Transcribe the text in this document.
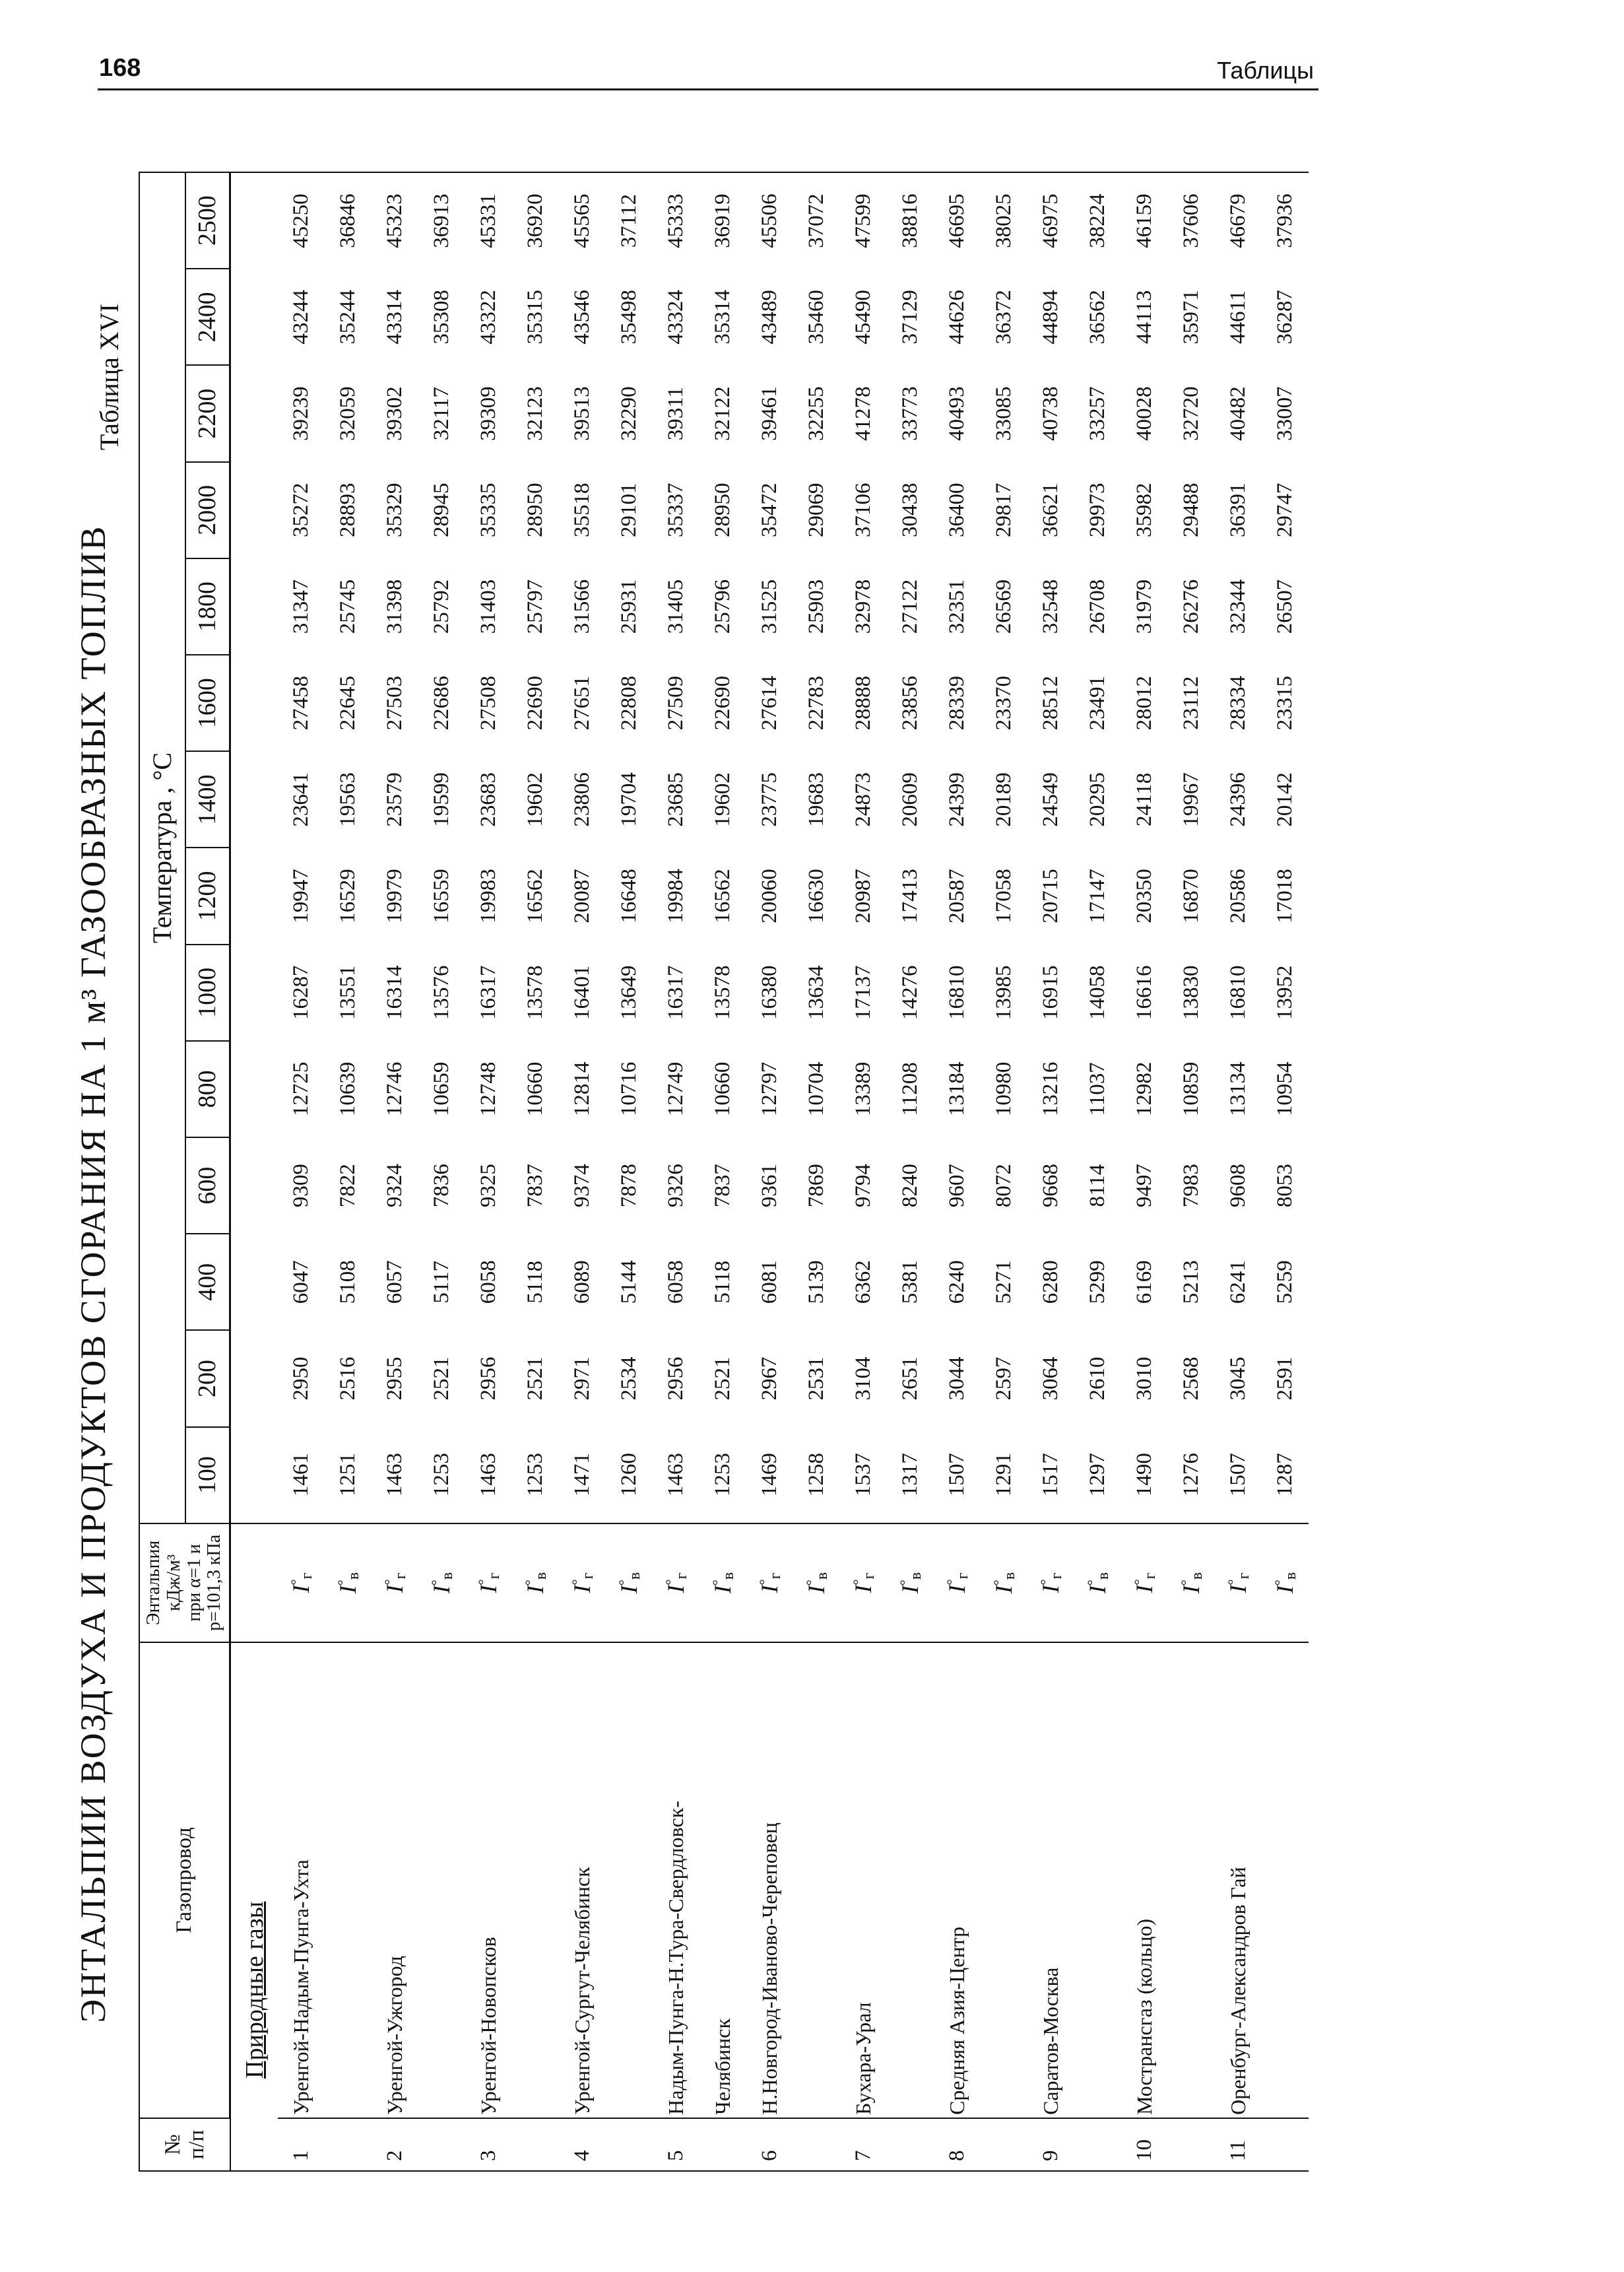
168	Таблицы
ЭНТАЛЬПИИ ВОЗДУХА И ПРОДУКТОВ СГОРАНИЯ НА 1 м³ ГАЗООБРАЗНЫХ ТОПЛИВ
Таблица XVI
№
п/п	Газопровод	Энтальпия
кДж/м³
при α=1 и
p=101,3 кПа	Температура , °С													
			100	200	400	600	800	1000	1200	1400	1600	1800	2000	2200	2400	2500
	Природные газы															
1	Уренгой-Надым-Пунга-Ухта	I°г	1461	2950	6047	9309	12725	16287	19947	23641	27458	31347	35272	39239	43244	45250
		I°в	1251	2516	5108	7822	10639	13551	16529	19563	22645	25745	28893	32059	35244	36846
2	Уренгой-Ужгород	I°г	1463	2955	6057	9324	12746	16314	19979	23579	27503	31398	35329	39302	43314	45323
		I°в	1253	2521	5117	7836	10659	13576	16559	19599	22686	25792	28945	32117	35308	36913
3	Уренгой-Новопсков	I°г	1463	2956	6058	9325	12748	16317	19983	23683	27508	31403	35335	39309	43322	45331
		I°в	1253	2521	5118	7837	10660	13578	16562	19602	22690	25797	28950	32123	35315	36920
4	Уренгой-Сургут-Челябинск	I°г	1471	2971	6089	9374	12814	16401	20087	23806	27651	31566	35518	39513	43546	45565
		I°в	1260	2534	5144	7878	10716	13649	16648	19704	22808	25931	29101	32290	35498	37112
5	Надым-Пунга-Н.Тура-Свердловск-	I°г	1463	2956	6058	9326	12749	16317	19984	23685	27509	31405	35337	39311	43324	45333
	Челябинск	I°в	1253	2521	5118	7837	10660	13578	16562	19602	22690	25796	28950	32122	35314	36919
6	Н.Новгород-Иваново-Череповец	I°г	1469	2967	6081	9361	12797	16380	20060	23775	27614	31525	35472	39461	43489	45506
		I°в	1258	2531	5139	7869	10704	13634	16630	19683	22783	25903	29069	32255	35460	37072
7	Бухара-Урал	I°г	1537	3104	6362	9794	13389	17137	20987	24873	28888	32978	37106	41278	45490	47599
		I°в	1317	2651	5381	8240	11208	14276	17413	20609	23856	27122	30438	33773	37129	38816
8	Средняя Азия-Центр	I°г	1507	3044	6240	9607	13184	16810	20587	24399	28339	32351	36400	40493	44626	46695
		I°в	1291	2597	5271	8072	10980	13985	17058	20189	23370	26569	29817	33085	36372	38025
9	Саратов-Москва	I°г	1517	3064	6280	9668	13216	16915	20715	24549	28512	32548	36621	40738	44894	46975
		I°в	1297	2610	5299	8114	11037	14058	17147	20295	23491	26708	29973	33257	36562	38224
10	Мострансгаз (кольцо)	I°г	1490	3010	6169	9497	12982	16616	20350	24118	28012	31979	35982	40028	44113	46159
		I°в	1276	2568	5213	7983	10859	13830	16870	19967	23112	26276	29488	32720	35971	37606
11	Оренбург-Александров Гай	I°г	1507	3045	6241	9608	13134	16810	20586	24396	28334	32344	36391	40482	44611	46679
		I°в	1287	2591	5259	8053	10954	13952	17018	20142	23315	26507	29747	33007	36287	37936
